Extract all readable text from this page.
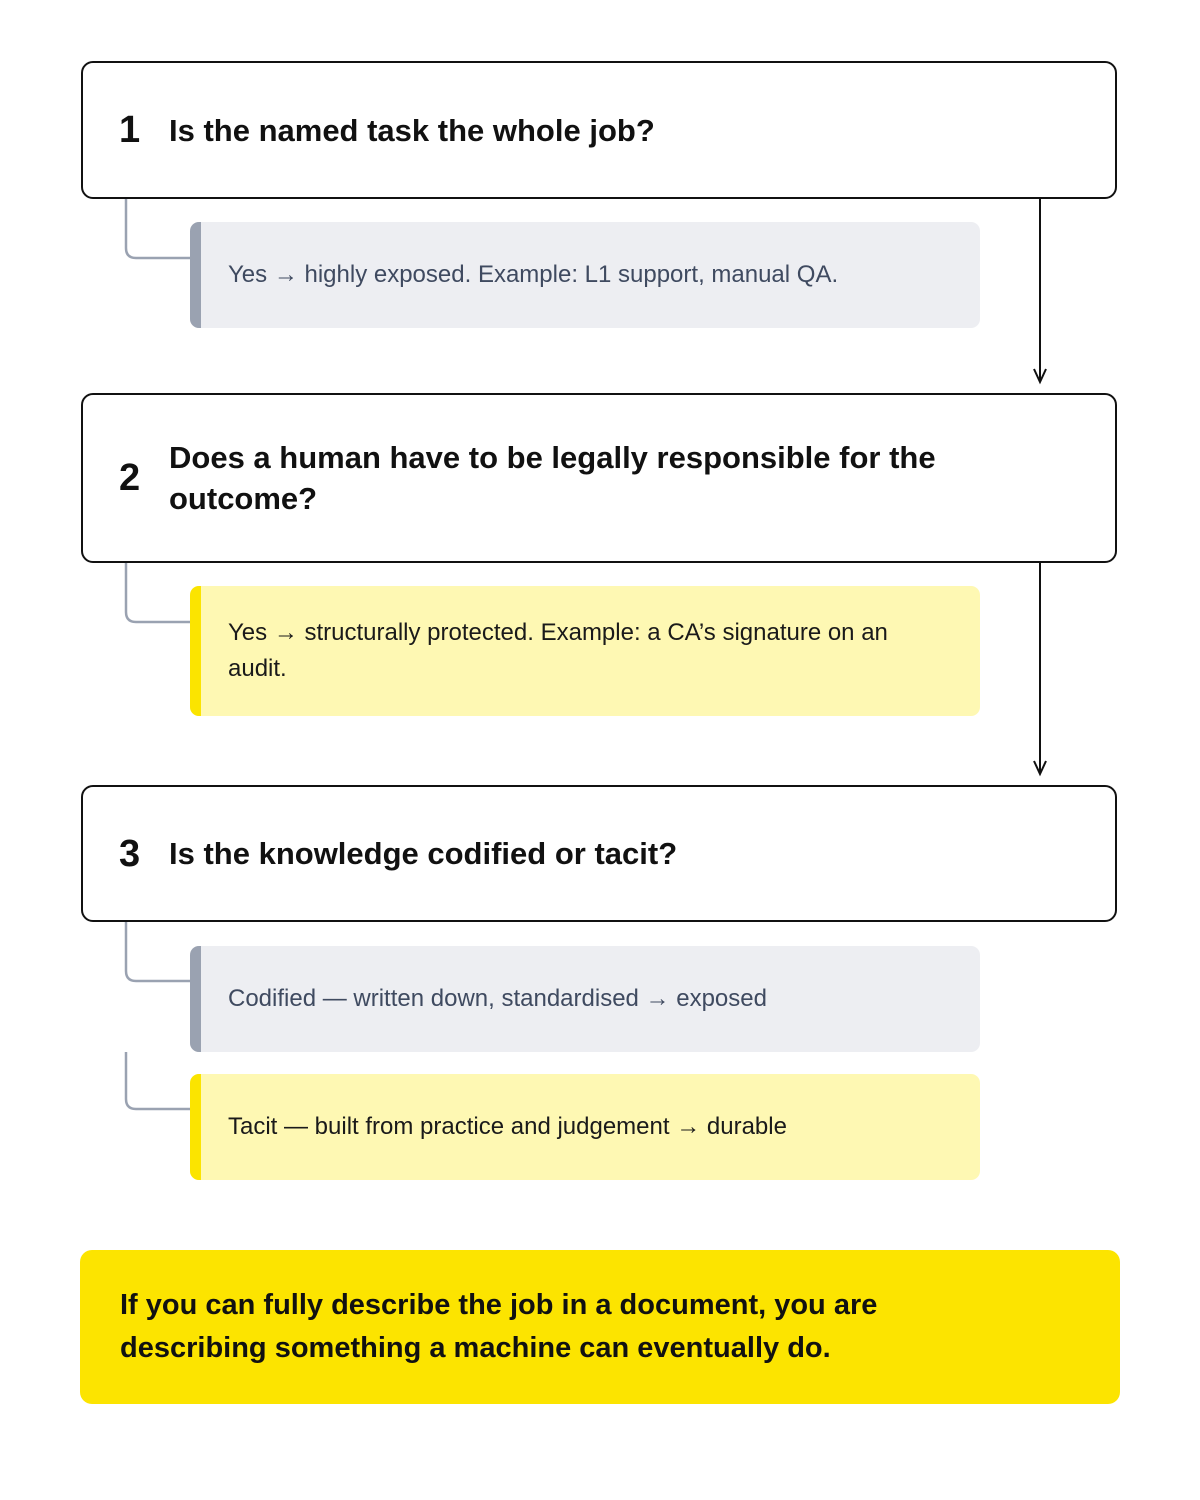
1 Is the named task the whole job?
Yes → highly exposed. Example: L1 support, manual QA.
2 Does a human have to be legally responsible for the outcome?
Yes → structurally protected. Example: a CA’s signature on an audit.
3 Is the knowledge codified or tacit?
Codified — written down, standardised → exposed
Tacit — built from practice and judgement → durable
If you can fully describe the job in a document, you are describing something a machine can eventually do.
